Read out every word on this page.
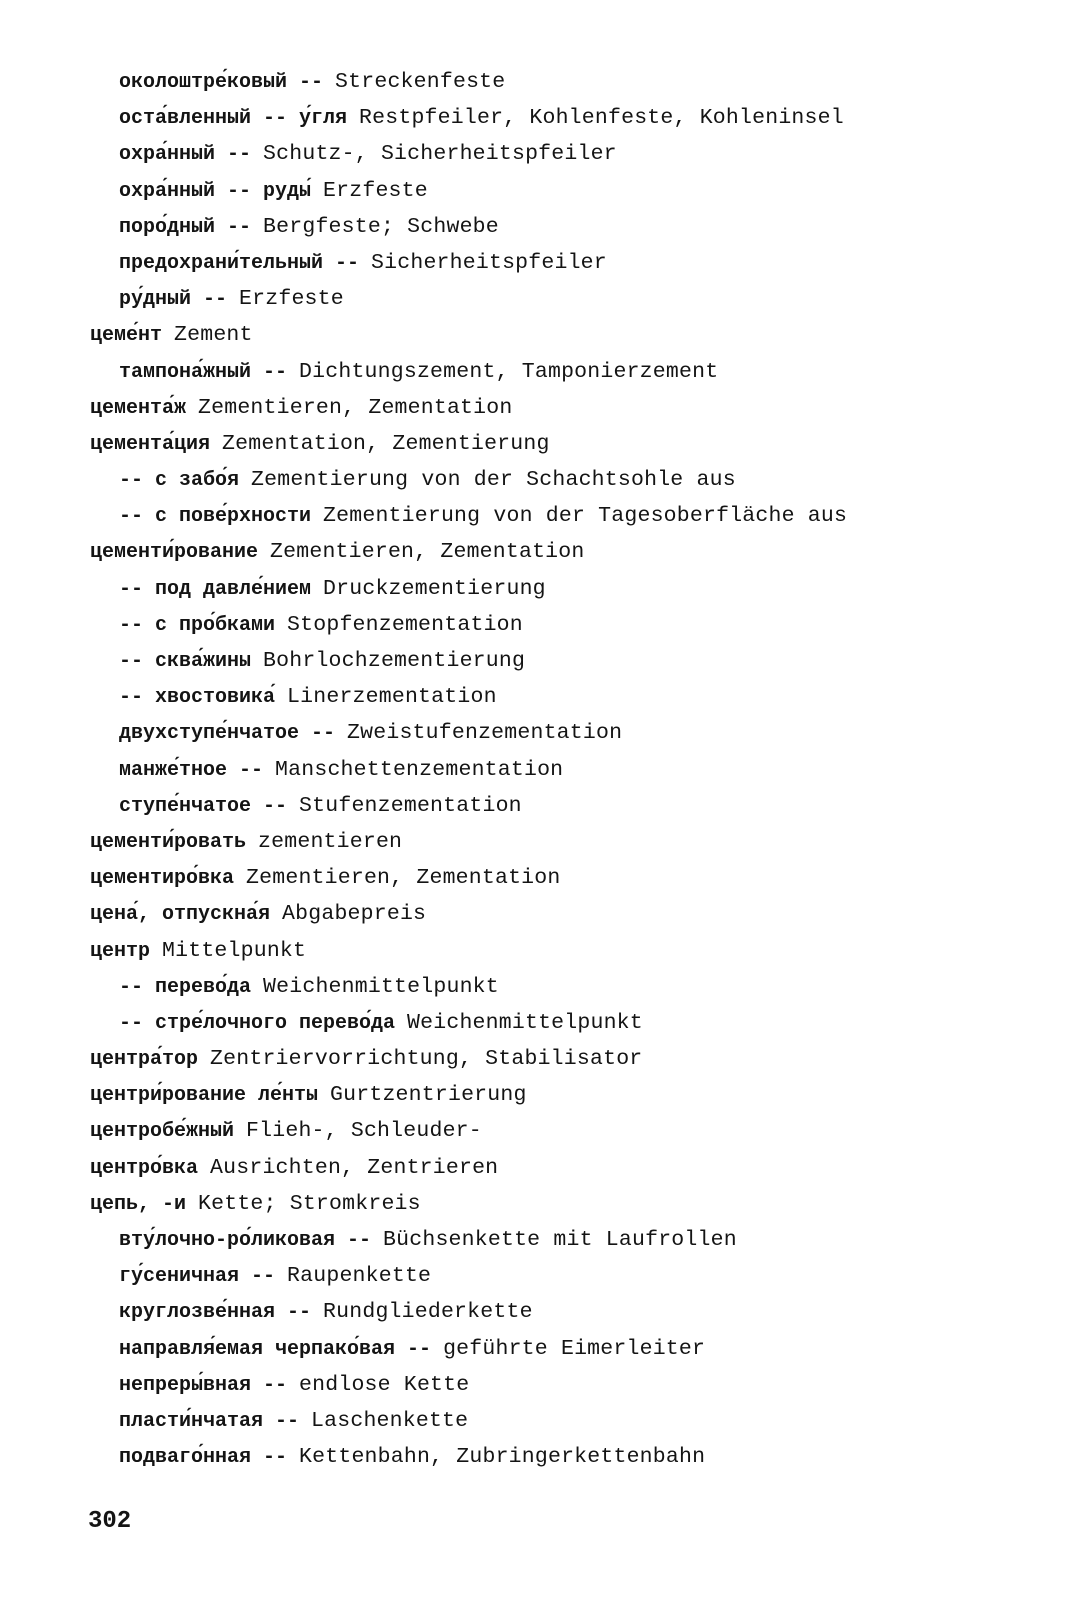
околоштре́ковый -- Streckenfeste
оста́вленный -- у́гля Restpfeiler, Kohlenfeste, Kohleninsel
охра́нный -- Schutz-, Sicherheitspfeiler
охра́нный -- руды́ Erzfeste
поро́дный -- Bergfeste; Schwebe
предохрани́тельный -- Sicherheitspfeiler
ру́дный -- Erzfeste
цеме́нт Zement
тампона́жный -- Dichtungszement, Tamponierzement
цемента́ж Zementieren, Zementation
цемента́ция Zementation, Zementierung
-- с забо́я Zementierung von der Schachtsohle aus
-- с пове́рхности Zementierung von der Tagesoberfläche aus
цементи́рование Zementieren, Zementation
-- под давле́нием Druckzementierung
-- с про́бками Stopfenzementation
-- сква́жины Bohrlochzementierung
-- хвостовика́ Linerzementation
двухступе́нчатое -- Zweistufenzementation
манже́тное -- Manschettenzementation
ступе́нчатое -- Stufenzementation
цементи́ровать zementieren
цементиро́вка Zementieren, Zementation
цена́, отпускна́я Abgabepreis
центр Mittelpunkt
-- перево́да Weichenmittelpunkt
-- стре́лочного перево́да Weichenmittelpunkt
центра́тор Zentriervorrichtung, Stabilisator
центри́рование ле́нты Gurtzentrierung
центробе́жный Flieh-, Schleuder-
центро́вка Ausrichten, Zentrieren
цепь, -и Kette; Stromkreis
вту́лочно-ро́ликовая -- Büchsenkette mit Laufrollen
гу́сеничная -- Raupenkette
круглозве́нная -- Rundgliederkette
направля́емая черпако́вая -- geführte Eimerleiter
непреры́вная -- endlose Kette
пласти́нчатая -- Laschenkette
подваго́нная -- Kettenbahn, Zubringerkettenbahn
302
